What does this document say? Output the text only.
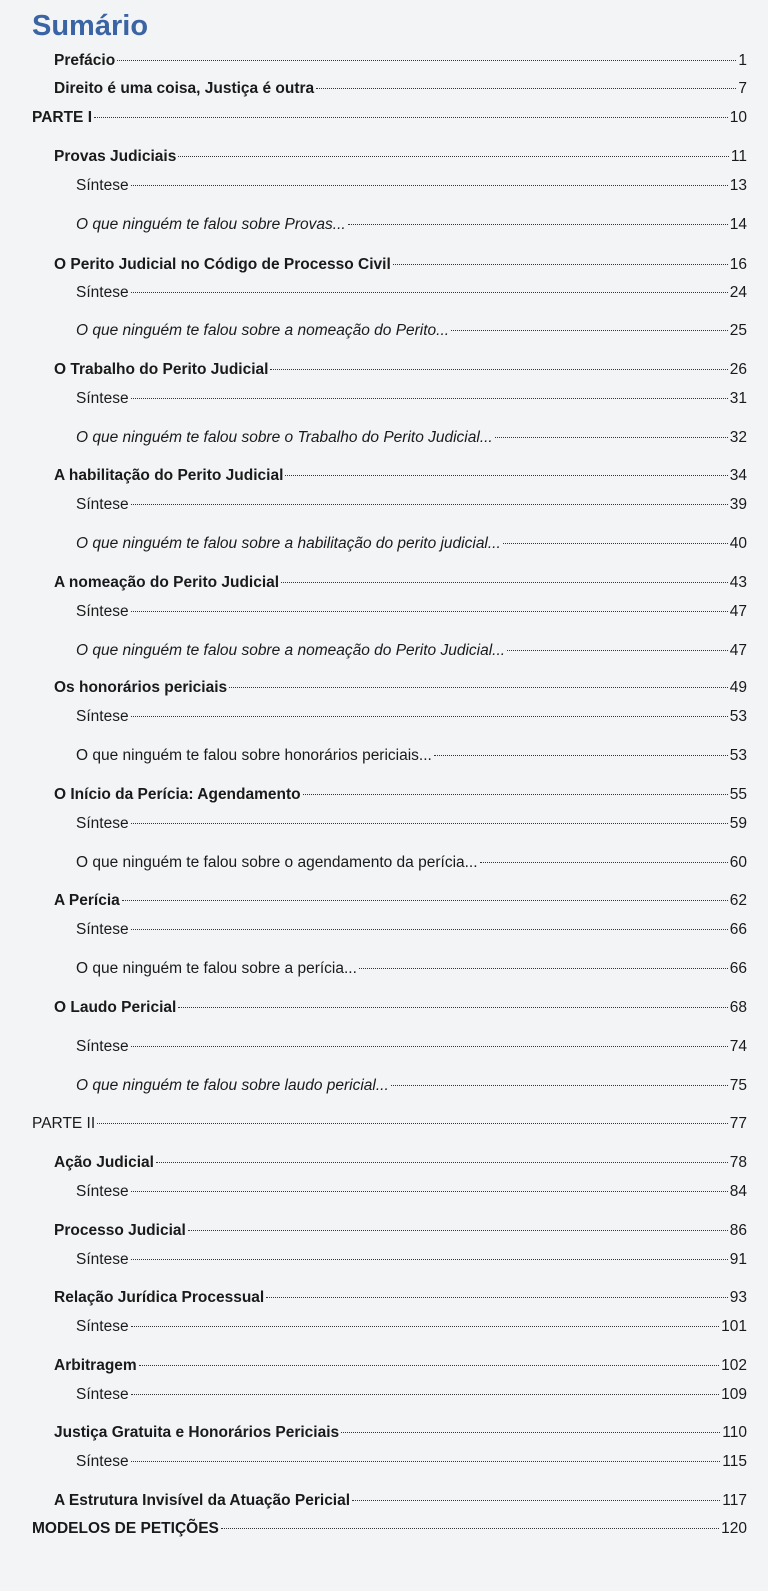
Sumário
Prefácio	1
Direito é uma coisa, Justiça é outra	7
PARTE I	10
Provas Judiciais	11
Síntese	13
O que ninguém te falou sobre Provas...	14
O Perito Judicial no Código de Processo Civil	16
Síntese	24
O que ninguém te falou sobre a nomeação do Perito...	25
O Trabalho do Perito Judicial	26
Síntese	31
O que ninguém te falou sobre o Trabalho do Perito Judicial...	32
A habilitação do Perito Judicial	34
Síntese	39
O que ninguém te falou sobre a habilitação do perito judicial...	40
A nomeação do Perito Judicial	43
Síntese	47
O que ninguém te falou sobre a nomeação do Perito Judicial...	47
Os honorários periciais	49
Síntese	53
O que ninguém te falou sobre honorários periciais...	53
O Início da Perícia: Agendamento	55
Síntese	59
O que ninguém te falou sobre o agendamento da perícia...	60
A Perícia	62
Síntese	66
O que ninguém te falou sobre a perícia...	66
O Laudo Pericial	68
Síntese	74
O que ninguém te falou sobre laudo pericial...	75
PARTE II	77
Ação Judicial	78
Síntese	84
Processo Judicial	86
Síntese	91
Relação Jurídica Processual	93
Síntese	101
Arbitragem	102
Síntese	109
Justiça Gratuita e Honorários Periciais	110
Síntese	115
A Estrutura Invisível da Atuação Pericial	117
MODELOS DE PETIÇÕES	120
